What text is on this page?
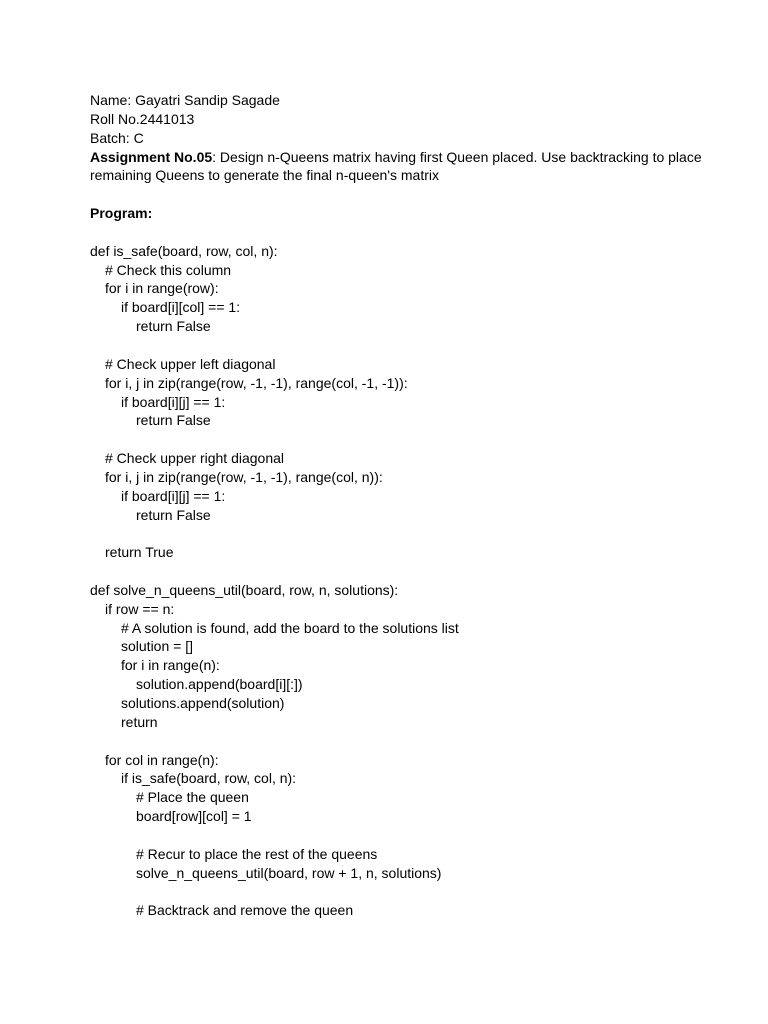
Name: Gayatri Sandip Sagade

Roll No.2441013

Batch: C

Assignment No.05: Design n-Queens matrix having first Queen placed. Use backtracking to place remaining Queens to generate the final n-queen's matrix

Program:

def is_safe(board, row, col, n):

# Check this column

for i in range(row):

if board[i][col] == 1:

return False

# Check upper left diagonal

for i, j in zip(range(row, -1, -1), range(col, -1, -1)):

if board[i][j] == 1:

return False

# Check upper right diagonal

for i, j in zip(range(row, -1, -1), range(col, n)):

if board[i][j] == 1:

return False

return True

def solve_n_queens_util(board, row, n, solutions):

if row == n:

# A solution is found, add the board to the solutions list

solution = []

for i in range(n):

solution.append(board[i][:])

solutions.append(solution)

return

for col in range(n):

if is_safe(board, row, col, n):

# Place the queen

board[row][col] = 1

# Recur to place the rest of the queens

solve_n_queens_util(board, row + 1, n, solutions)

# Backtrack and remove the queen
